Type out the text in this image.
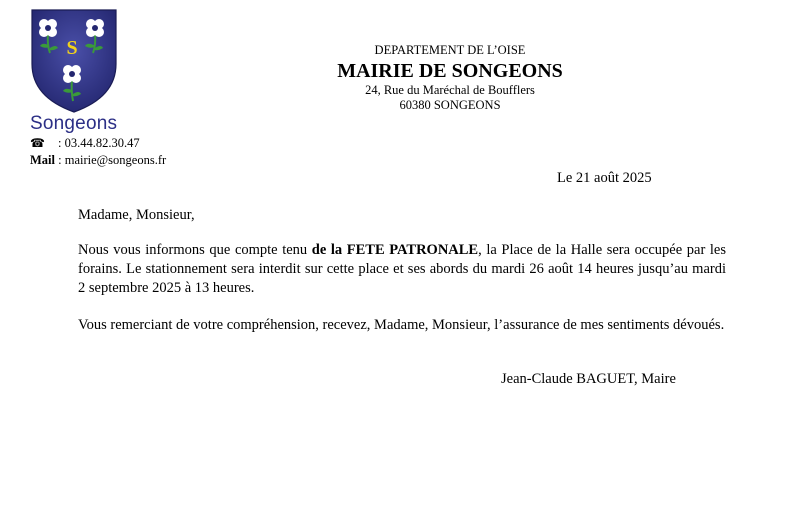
S
Songeons
☎ : 03.44.82.30.47
Mail : mairie@songeons.fr
DEPARTEMENT DE L’OISE
MAIRIE DE SONGEONS
24, Rue du Maréchal de Boufflers
60380 SONGEONS
Le 21 août 2025
Madame, Monsieur,
Nous vous informons que compte tenu de la FETE PATRONALE, la Place de la Halle sera occupée par les forains. Le stationnement sera interdit sur cette place et ses abords du mardi 26 août 14 heures jusqu’au mardi 2 septembre 2025 à 13 heures.
Vous remerciant de votre compréhension, recevez, Madame, Monsieur, l’assurance de mes sentiments dévoués.
Jean-Claude BAGUET, Maire
